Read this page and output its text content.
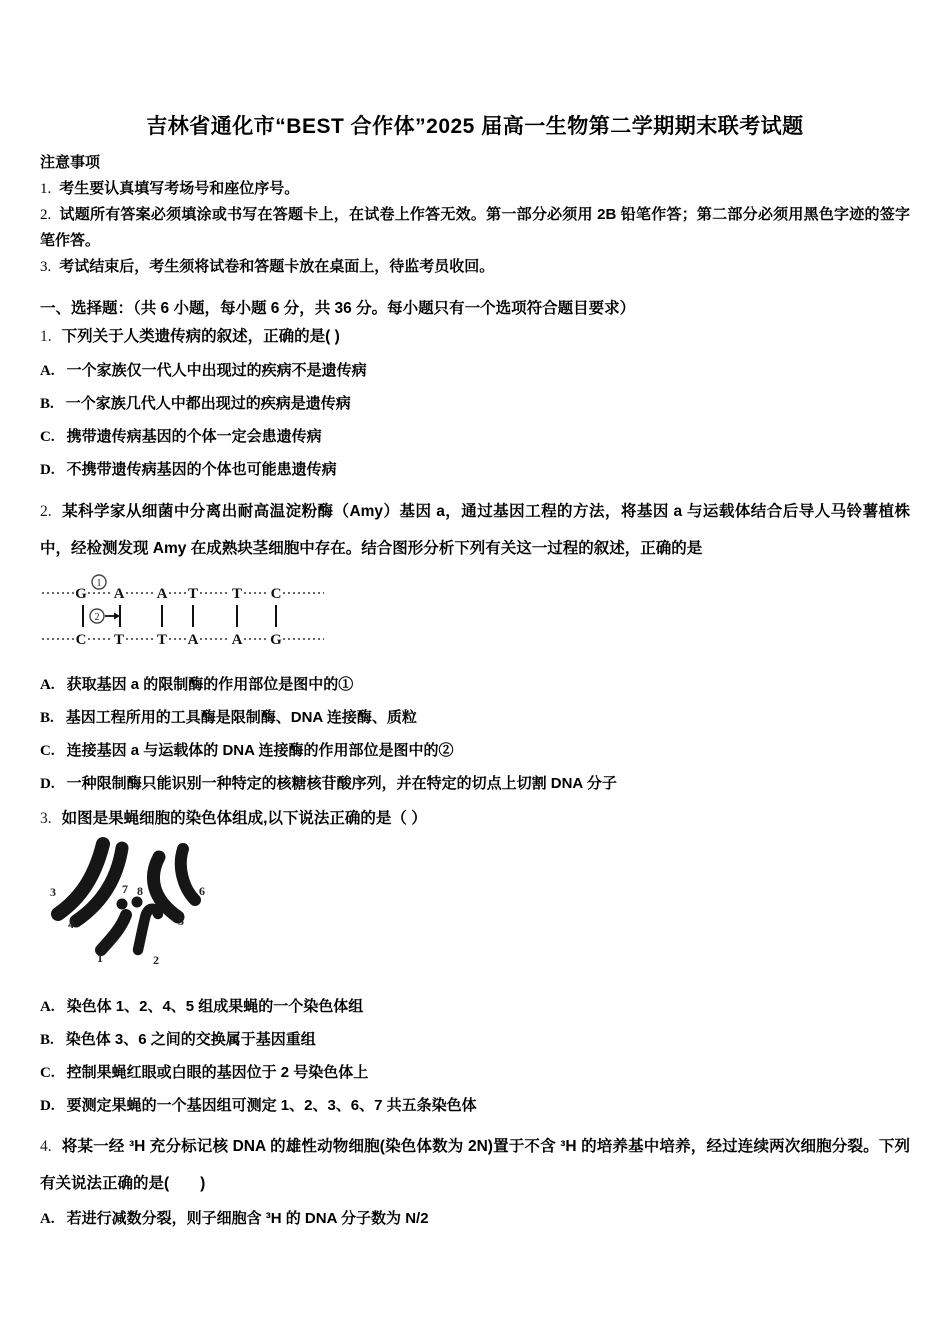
吉林省通化市“BEST 合作体”2025 届高一生物第二学期期末联考试题
注意事项

1. 考生要认真填写考场号和座位序号。

2. 试题所有答案必须填涂或书写在答题卡上，在试卷上作答无效。第一部分必须用 2B 铅笔作答；第二部分必须用黑色字迹的签字笔作答。

3. 考试结束后，考生须将试卷和答题卡放在桌面上，待监考员收回。

一、选择题：（共 6 小题，每小题 6 分，共 36 分。每小题只有一个选项符合题目要求）

1. 下列关于人类遗传病的叙述，正确的是( )

A. 一个家族仅一代人中出现过的疾病不是遗传病

B. 一个家族几代人中都出现过的疾病是遗传病

C. 携带遗传病基因的个体一定会患遗传病

D. 不携带遗传病基因的个体也可能患遗传病

2. 某科学家从细菌中分离出耐高温淀粉酶（Amy）基因 a，通过基因工程的方法，将基因 a 与运载体结合后导人马铃薯植株中，经检测发现 Amy 在成熟块茎细胞中存在。结合图形分析下列有关这一过程的叙述，正确的是

G A A T T C
C T T A A G
1
2

A. 获取基因 a 的限制酶的作用部位是图中的①

B. 基因工程所用的工具酶是限制酶、DNA 连接酶、质粒

C. 连接基因 a 与运载体的 DNA 连接酶的作用部位是图中的②

D. 一种限制酶只能识别一种特定的核糖核苷酸序列，并在特定的切点上切割 DNA 分子

3. 如图是果蝇细胞的染色体组成,以下说法正确的是（ ）

3
4
7 8	6
5
1	2

A. 染色体 1、2、4、5 组成果蝇的一个染色体组

B. 染色体 3、6 之间的交换属于基因重组

C. 控制果蝇红眼或白眼的基因位于 2 号染色体上

D. 要测定果蝇的一个基因组可测定 1、2、3、6、7 共五条染色体

4. 将某一经 ³H 充分标记核 DNA 的雄性动物细胞(染色体数为 2N)置于不含 ³H 的培养基中培养，经过连续两次细胞分裂。下列有关说法正确的是(　　)

A. 若进行减数分裂，则子细胞含 ³H 的 DNA 分子数为 N/2
